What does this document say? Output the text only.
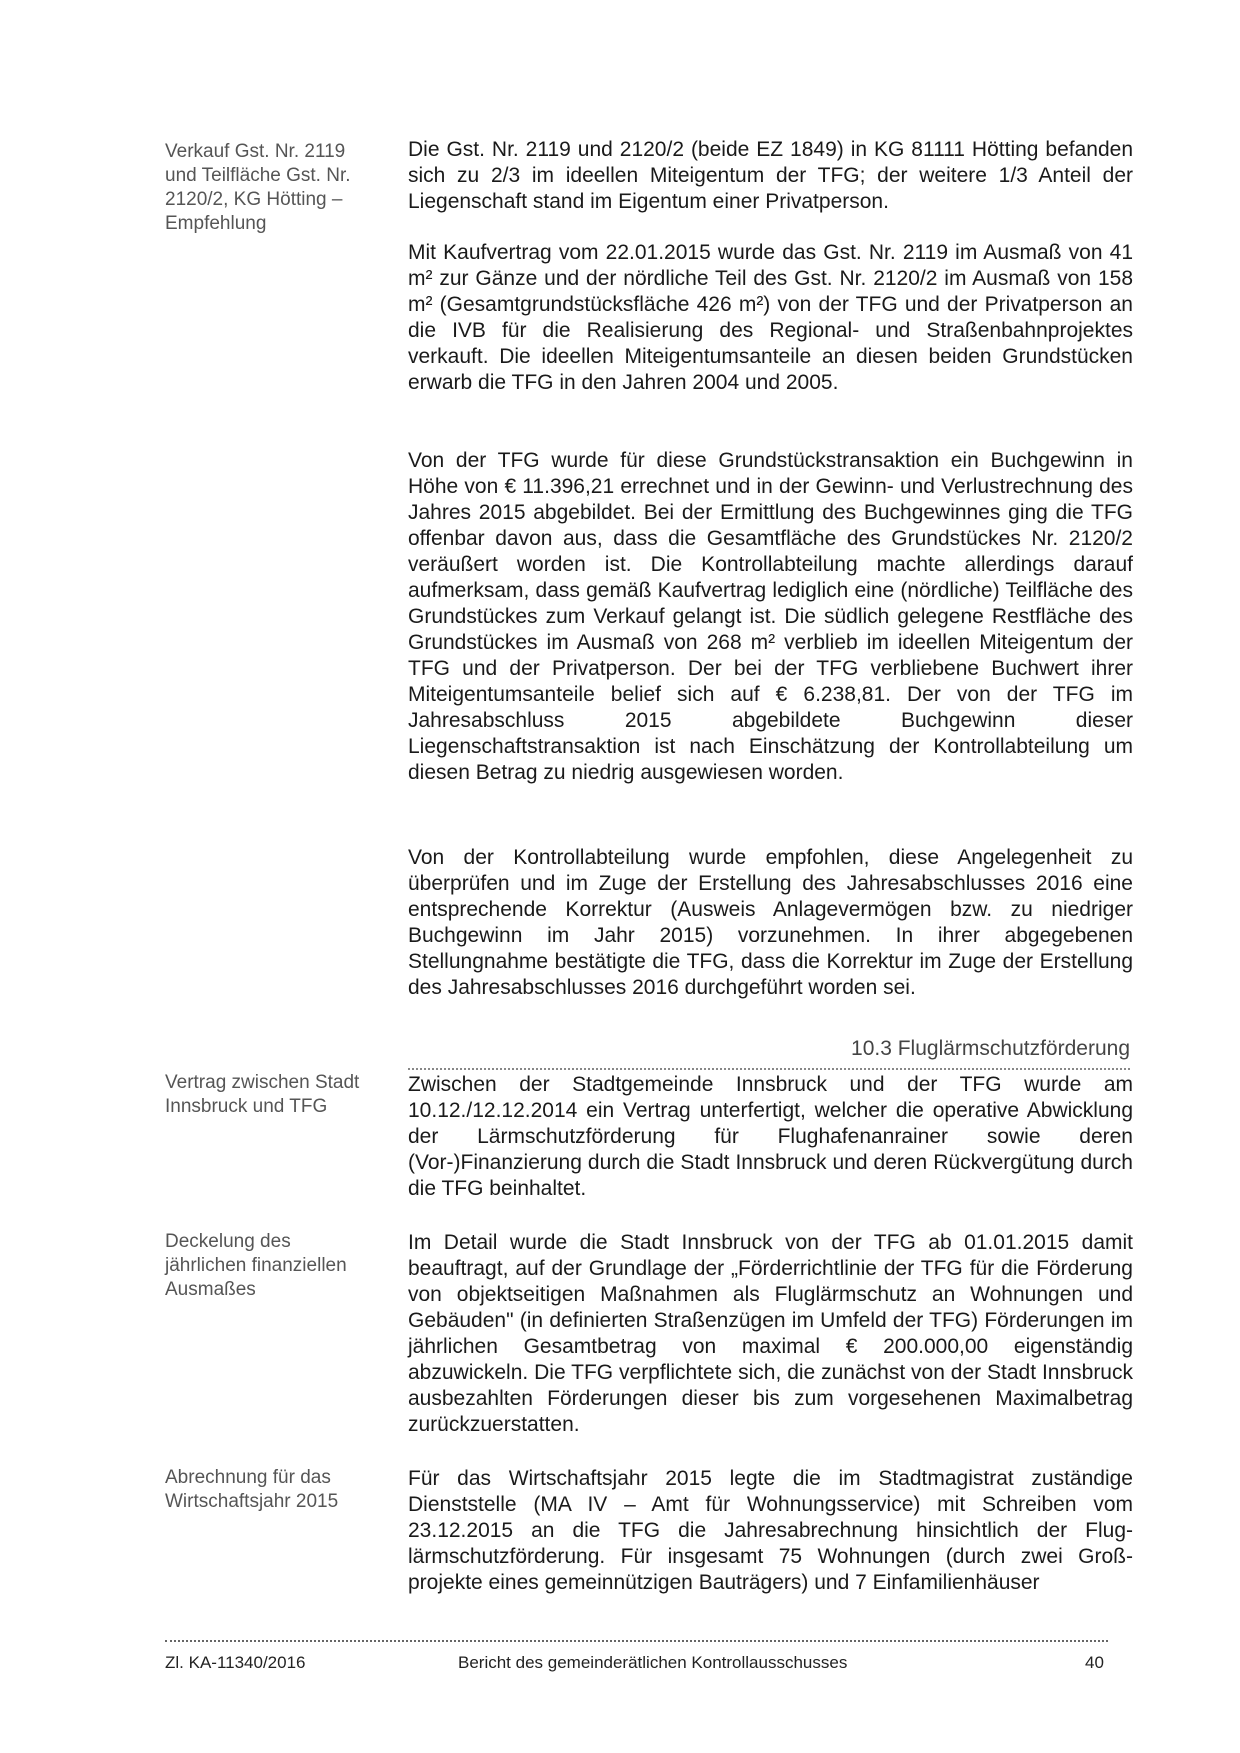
Verkauf Gst. Nr. 2119 und Teilfläche Gst. Nr. 2120/2, KG Hötting – Empfehlung
Vertrag zwischen Stadt Innsbruck und TFG
Deckelung des jährlichen finanziellen Ausmaßes
Abrechnung für das Wirtschaftsjahr 2015
Die Gst. Nr. 2119 und 2120/2 (beide EZ 1849) in KG 81111 Hötting befanden sich zu 2/3 im ideellen Miteigentum der TFG; der weitere 1/3 Anteil der Liegenschaft stand im Eigentum einer Privatperson.
Mit Kaufvertrag vom 22.01.2015 wurde das Gst. Nr. 2119 im Ausmaß von 41 m² zur Gänze und der nördliche Teil des Gst. Nr. 2120/2 im Ausmaß von 158 m² (Gesamtgrundstücksfläche 426 m²) von der TFG und der Privatperson an die IVB für die Realisierung des Regional- und Straßenbahnprojektes verkauft. Die ideellen Miteigentumsanteile an diesen beiden Grundstücken erwarb die TFG in den Jahren 2004 und 2005.
Von der TFG wurde für diese Grundstückstransaktion ein Buchgewinn in Höhe von € 11.396,21 errechnet und in der Gewinn- und Verlustrechnung des Jahres 2015 abgebildet. Bei der Ermittlung des Buchgewinnes ging die TFG offenbar davon aus, dass die Gesamtfläche des Grundstückes Nr. 2120/2 veräußert worden ist. Die Kontrollabteilung machte allerdings darauf aufmerksam, dass gemäß Kaufvertrag lediglich eine (nördliche) Teilfläche des Grundstückes zum Verkauf gelangt ist. Die südlich gelegene Restfläche des Grundstückes im Ausmaß von 268 m² verblieb im ideellen Miteigentum der TFG und der Privatperson. Der bei der TFG verbliebene Buchwert ihrer Miteigentumsanteile belief sich auf € 6.238,81. Der von der TFG im Jahresabschluss 2015 abgebildete Buchgewinn dieser Liegenschaftstransaktion ist nach Einschätzung der Kontrollabteilung um diesen Betrag zu niedrig ausgewiesen worden.
Von der Kontrollabteilung wurde empfohlen, diese Angelegenheit zu überprüfen und im Zuge der Erstellung des Jahresabschlusses 2016 eine entsprechende Korrektur (Ausweis Anlagevermögen bzw. zu niedriger Buchgewinn im Jahr 2015) vorzunehmen. In ihrer abgegebenen Stellungnahme bestätigte die TFG, dass die Korrektur im Zuge der Erstellung des Jahresabschlusses 2016 durchgeführt worden sei.
10.3 Fluglärmschutzförderung
Zwischen der Stadtgemeinde Innsbruck und der TFG wurde am 10.12./12.12.2014 ein Vertrag unterfertigt, welcher die operative Abwicklung der Lärmschutzförderung für Flughafenanrainer sowie deren (Vor-)Finanzierung durch die Stadt Innsbruck und deren Rückvergütung durch die TFG beinhaltet.
Im Detail wurde die Stadt Innsbruck von der TFG ab 01.01.2015 damit beauftragt, auf der Grundlage der „Förderrichtlinie der TFG für die Förderung von objektseitigen Maßnahmen als Fluglärmschutz an Wohnungen und Gebäuden" (in definierten Straßenzügen im Umfeld der TFG) Förderungen im jährlichen Gesamtbetrag von maximal € 200.000,00 eigenständig abzuwickeln. Die TFG verpflichtete sich, die zunächst von der Stadt Innsbruck ausbezahlten Förderungen dieser bis zum vorgesehenen Maximalbetrag zurückzuerstatten.
Für das Wirtschaftsjahr 2015 legte die im Stadtmagistrat zuständige Dienststelle (MA IV – Amt für Wohnungsservice) mit Schreiben vom 23.12.2015 an die TFG die Jahresabrechnung hinsichtlich der Fluglärmschutzförderung. Für insgesamt 75 Wohnungen (durch zwei Großprojekte eines gemeinnützigen Bauträgers) und 7 Einfamilienhäuser
Zl. KA-11340/2016	Bericht des gemeinderätlichen Kontrollausschusses	40
